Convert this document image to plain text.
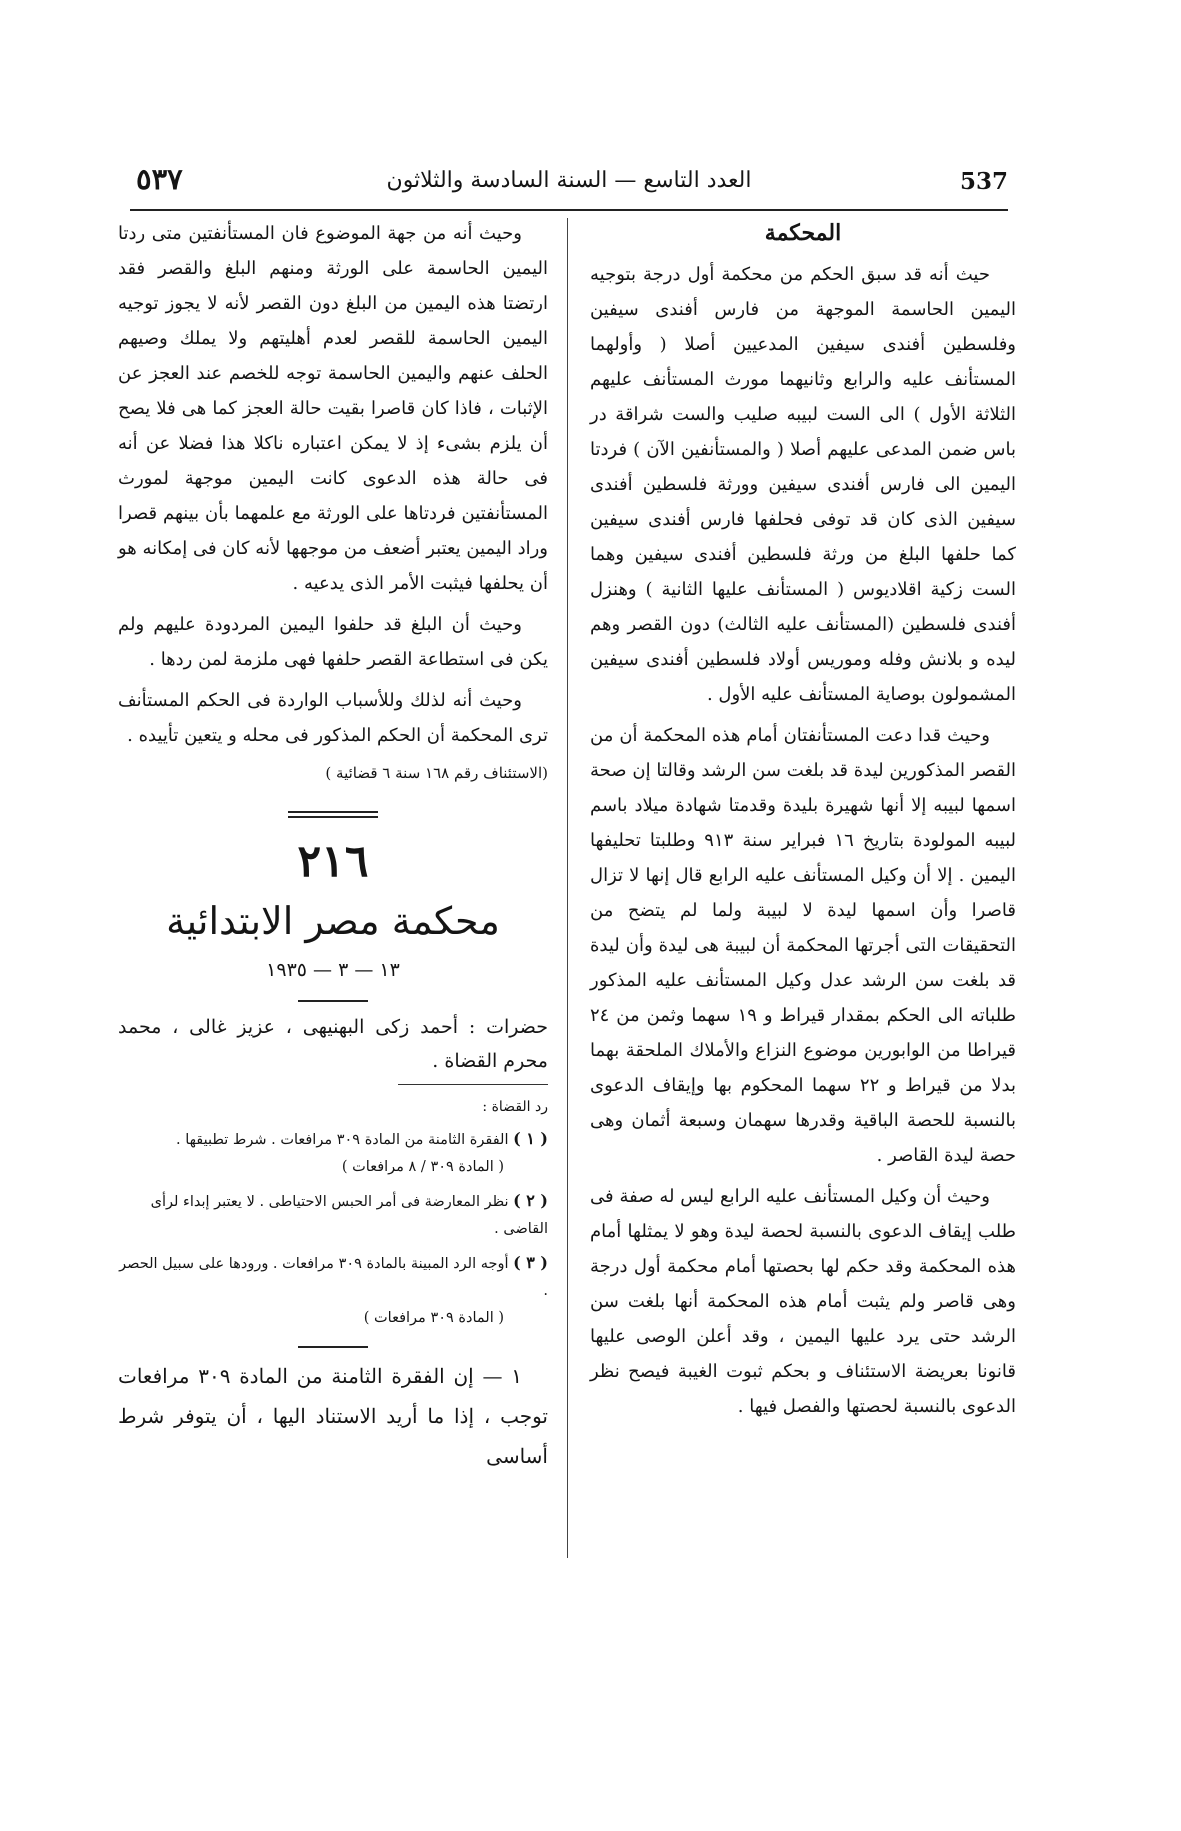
537
العدد التاسع — السنة السادسة والثلاثون
٥٣٧

المحكمة

حيث أنه قد سبق الحكم من محكمة أول درجة بتوجيه اليمين الحاسمة الموجهة من فارس أفندى سيفين وفلسطين أفندى سيفين المدعيين أصلا ( وأولهما المستأنف عليه والرابع وثانيهما مورث المستأنف عليهم الثلاثة الأول ) الى الست لبيبه صليب والست شراقة در باس ضمن المدعى عليهم أصلا ( والمستأنفين الآن ) فردتا اليمين الى فارس أفندى سيفين وورثة فلسطين أفندى سيفين الذى كان قد توفى فحلفها فارس أفندى سيفين كما حلفها البلغ من ورثة فلسطين أفندى سيفين وهما الست زكية اقلاديوس ( المستأنف عليها الثانية ) وهنزل أفندى فلسطين (المستأنف عليه الثالث) دون القصر وهم ليده و بلانش وفله وموريس أولاد فلسطين أفندى سيفين المشمولون بوصاية المستأنف عليه الأول .

وحيث قدا دعت المستأنفتان أمام هذه المحكمة أن من القصر المذكورين ليدة قد بلغت سن الرشد وقالتا إن صحة اسمها لبيبه إلا أنها شهيرة بليدة وقدمتا شهادة ميلاد باسم لبيبه المولودة بتاريخ ١٦ فبراير سنة ٩١٣ وطلبتا تحليفها اليمين . إلا أن وكيل المستأنف عليه الرابع قال إنها لا تزال قاصرا وأن اسمها ليدة لا لبيبة ولما لم يتضح من التحقيقات التى أجرتها المحكمة أن لبيبة هى ليدة وأن ليدة قد بلغت سن الرشد عدل وكيل المستأنف عليه المذكور طلباته الى الحكم بمقدار قيراط و ١٩ سهما وثمن من ٢٤ قيراطا من الوابورين موضوع النزاع والأملاك الملحقة بهما بدلا من قيراط و ٢٢ سهما المحكوم بها وإيقاف الدعوى بالنسبة للحصة الباقية وقدرها سهمان وسبعة أثمان وهى حصة ليدة القاصر .

وحيث أن وكيل المستأنف عليه الرابع ليس له صفة فى طلب إيقاف الدعوى بالنسبة لحصة ليدة وهو لا يمثلها أمام هذه المحكمة وقد حكم لها بحصتها أمام محكمة أول درجة وهى قاصر ولم يثبت أمام هذه المحكمة أنها بلغت سن الرشد حتى يرد عليها اليمين ، وقد أعلن الوصى عليها قانونا بعريضة الاستئناف و بحكم ثبوت الغيبة فيصح نظر الدعوى بالنسبة لحصتها والفصل فيها .

وحيث أنه من جهة الموضوع فان المستأنفتين متى ردتا اليمين الحاسمة على الورثة ومنهم البلغ والقصر فقد ارتضتا هذه اليمين من البلغ دون القصر لأنه لا يجوز توجيه اليمين الحاسمة للقصر لعدم أهليتهم ولا يملك وصيهم الحلف عنهم واليمين الحاسمة توجه للخصم عند العجز عن الإثبات ، فاذا كان قاصرا بقيت حالة العجز كما هى فلا يصح أن يلزم بشىء إذ لا يمكن اعتباره ناكلا هذا فضلا عن أنه فى حالة هذه الدعوى كانت اليمين موجهة لمورث المستأنفتين فردتاها على الورثة مع علمهما بأن بينهم قصرا وراد اليمين يعتبر أضعف من موجهها لأنه كان فى إمكانه هو أن يحلفها فيثبت الأمر الذى يدعيه .

وحيث أن البلغ قد حلفوا اليمين المردودة عليهم ولم يكن فى استطاعة القصر حلفها فهى ملزمة لمن ردها .

وحيث أنه لذلك وللأسباب الواردة فى الحكم المستأنف ترى المحكمة أن الحكم المذكور فى محله و يتعين تأييده .

(الاستئناف رقم ١٦٨ سنة ٦ قضائية )

٢١٦

محكمة مصر الابتدائية

١٣ — ٣ — ١٩٣٥

حضرات : أحمد زكى البهنيهى ، عزيز غالى ، محمد محرم القضاة .

رد القضاة :

( ١ ) الفقرة الثامنة من المادة ٣٠٩ مرافعات . شرط تطبيقها .
( المادة ٣٠٩ / ٨ مرافعات )

( ٢ ) نظر المعارضة فى أمر الحبس الاحتياطى . لا يعتبر إبداء لرأى القاضى .

( ٣ ) أوجه الرد المبينة بالمادة ٣٠٩ مرافعات . ورودها على سبيل الحصر .
( المادة ٣٠٩ مرافعات )

١ — إن الفقرة الثامنة من المادة ٣٠٩ مرافعات توجب ، إذا ما أريد الاستناد اليها ، أن يتوفر شرط أساسى
